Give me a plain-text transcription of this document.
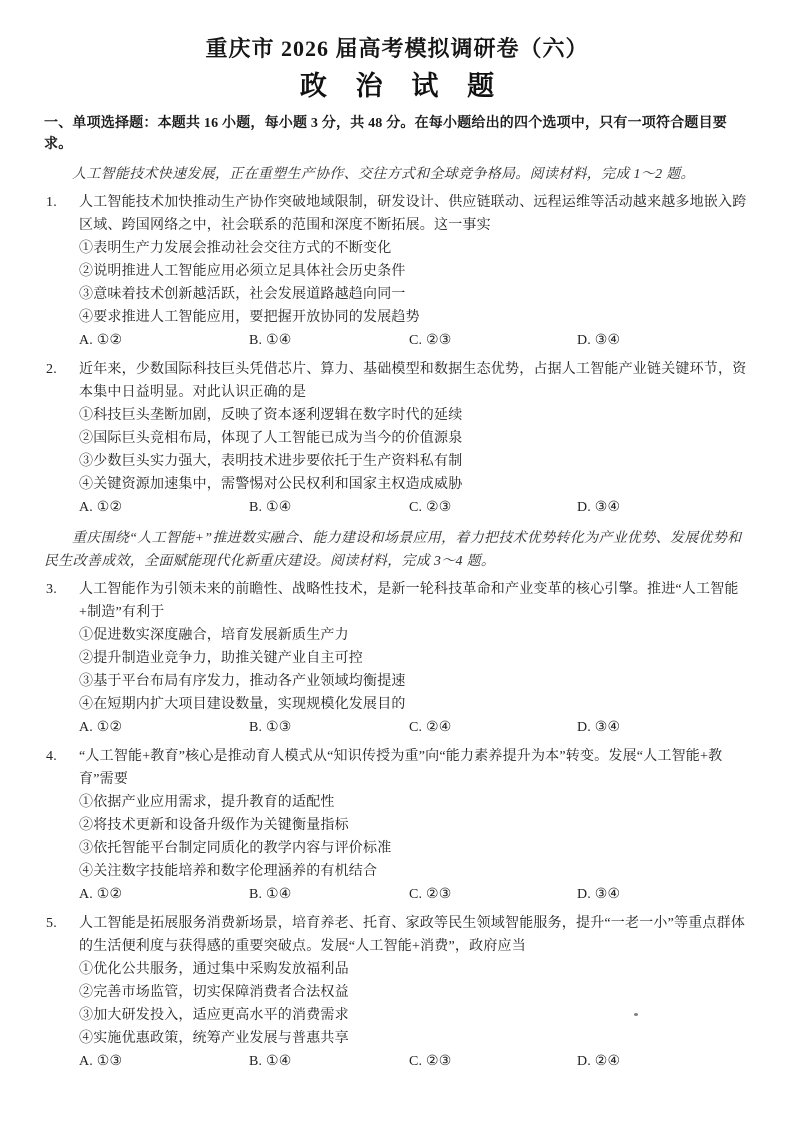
重庆市 2026 届高考模拟调研卷（六）
政 治 试 题

一、单项选择题：本题共 16 小题，每小题 3 分，共 48 分。在每小题给出的四个选项中，只有一项符合题目要求。

人工智能技术快速发展，正在重塑生产协作、交往方式和全球竞争格局。阅读材料，完成 1～2 题。

1. 人工智能技术加快推动生产协作突破地域限制，研发设计、供应链联动、远程运维等活动越来越多地嵌入跨区域、跨国网络之中，社会联系的范围和深度不断拓展。这一事实
①表明生产力发展会推动社会交往方式的不断变化
②说明推进人工智能应用必须立足具体社会历史条件
③意味着技术创新越活跃，社会发展道路越趋向同一
④要求推进人工智能应用，要把握开放协同的发展趋势
A. ①②	B. ①④	C. ②③	D. ③④
2. 近年来，少数国际科技巨头凭借芯片、算力、基础模型和数据生态优势，占据人工智能产业链关键环节，资本集中日益明显。对此认识正确的是
①科技巨头垄断加剧，反映了资本逐利逻辑在数字时代的延续
②国际巨头竞相布局，体现了人工智能已成为当今的价值源泉
③少数巨头实力强大，表明技术进步要依托于生产资料私有制
④关键资源加速集中，需警惕对公民权利和国家主权造成威胁
A. ①②	B. ①④	C. ②③	D. ③④

重庆围绕“人工智能+”推进数实融合、能力建设和场景应用，着力把技术优势转化为产业优势、发展优势和民生改善成效，全面赋能现代化新重庆建设。阅读材料，完成 3～4 题。

3. 人工智能作为引领未来的前瞻性、战略性技术，是新一轮科技革命和产业变革的核心引擎。推进“人工智能+制造”有利于
①促进数实深度融合，培育发展新质生产力
②提升制造业竞争力，助推关键产业自主可控
③基于平台布局有序发力，推动各产业领域均衡提速
④在短期内扩大项目建设数量，实现规模化发展目的
A. ①②	B. ①③	C. ②④	D. ③④
4. “人工智能+教育”核心是推动育人模式从“知识传授为重”向“能力素养提升为本”转变。发展“人工智能+教育”需要
①依据产业应用需求，提升教育的适配性
②将技术更新和设备升级作为关键衡量指标
③依托智能平台制定同质化的教学内容与评价标准
④关注数字技能培养和数字伦理涵养的有机结合
A. ①②	B. ①④	C. ②③	D. ③④
5. 人工智能是拓展服务消费新场景，培育养老、托育、家政等民生领域智能服务，提升“一老一小”等重点群体的生活便利度与获得感的重要突破点。发展“人工智能+消费”，政府应当
①优化公共服务，通过集中采购发放福利品
②完善市场监管，切实保障消费者合法权益
③加大研发投入，适应更高水平的消费需求
④实施优惠政策，统筹产业发展与普惠共享
A. ①③	B. ①④	C. ②③	D. ②④
